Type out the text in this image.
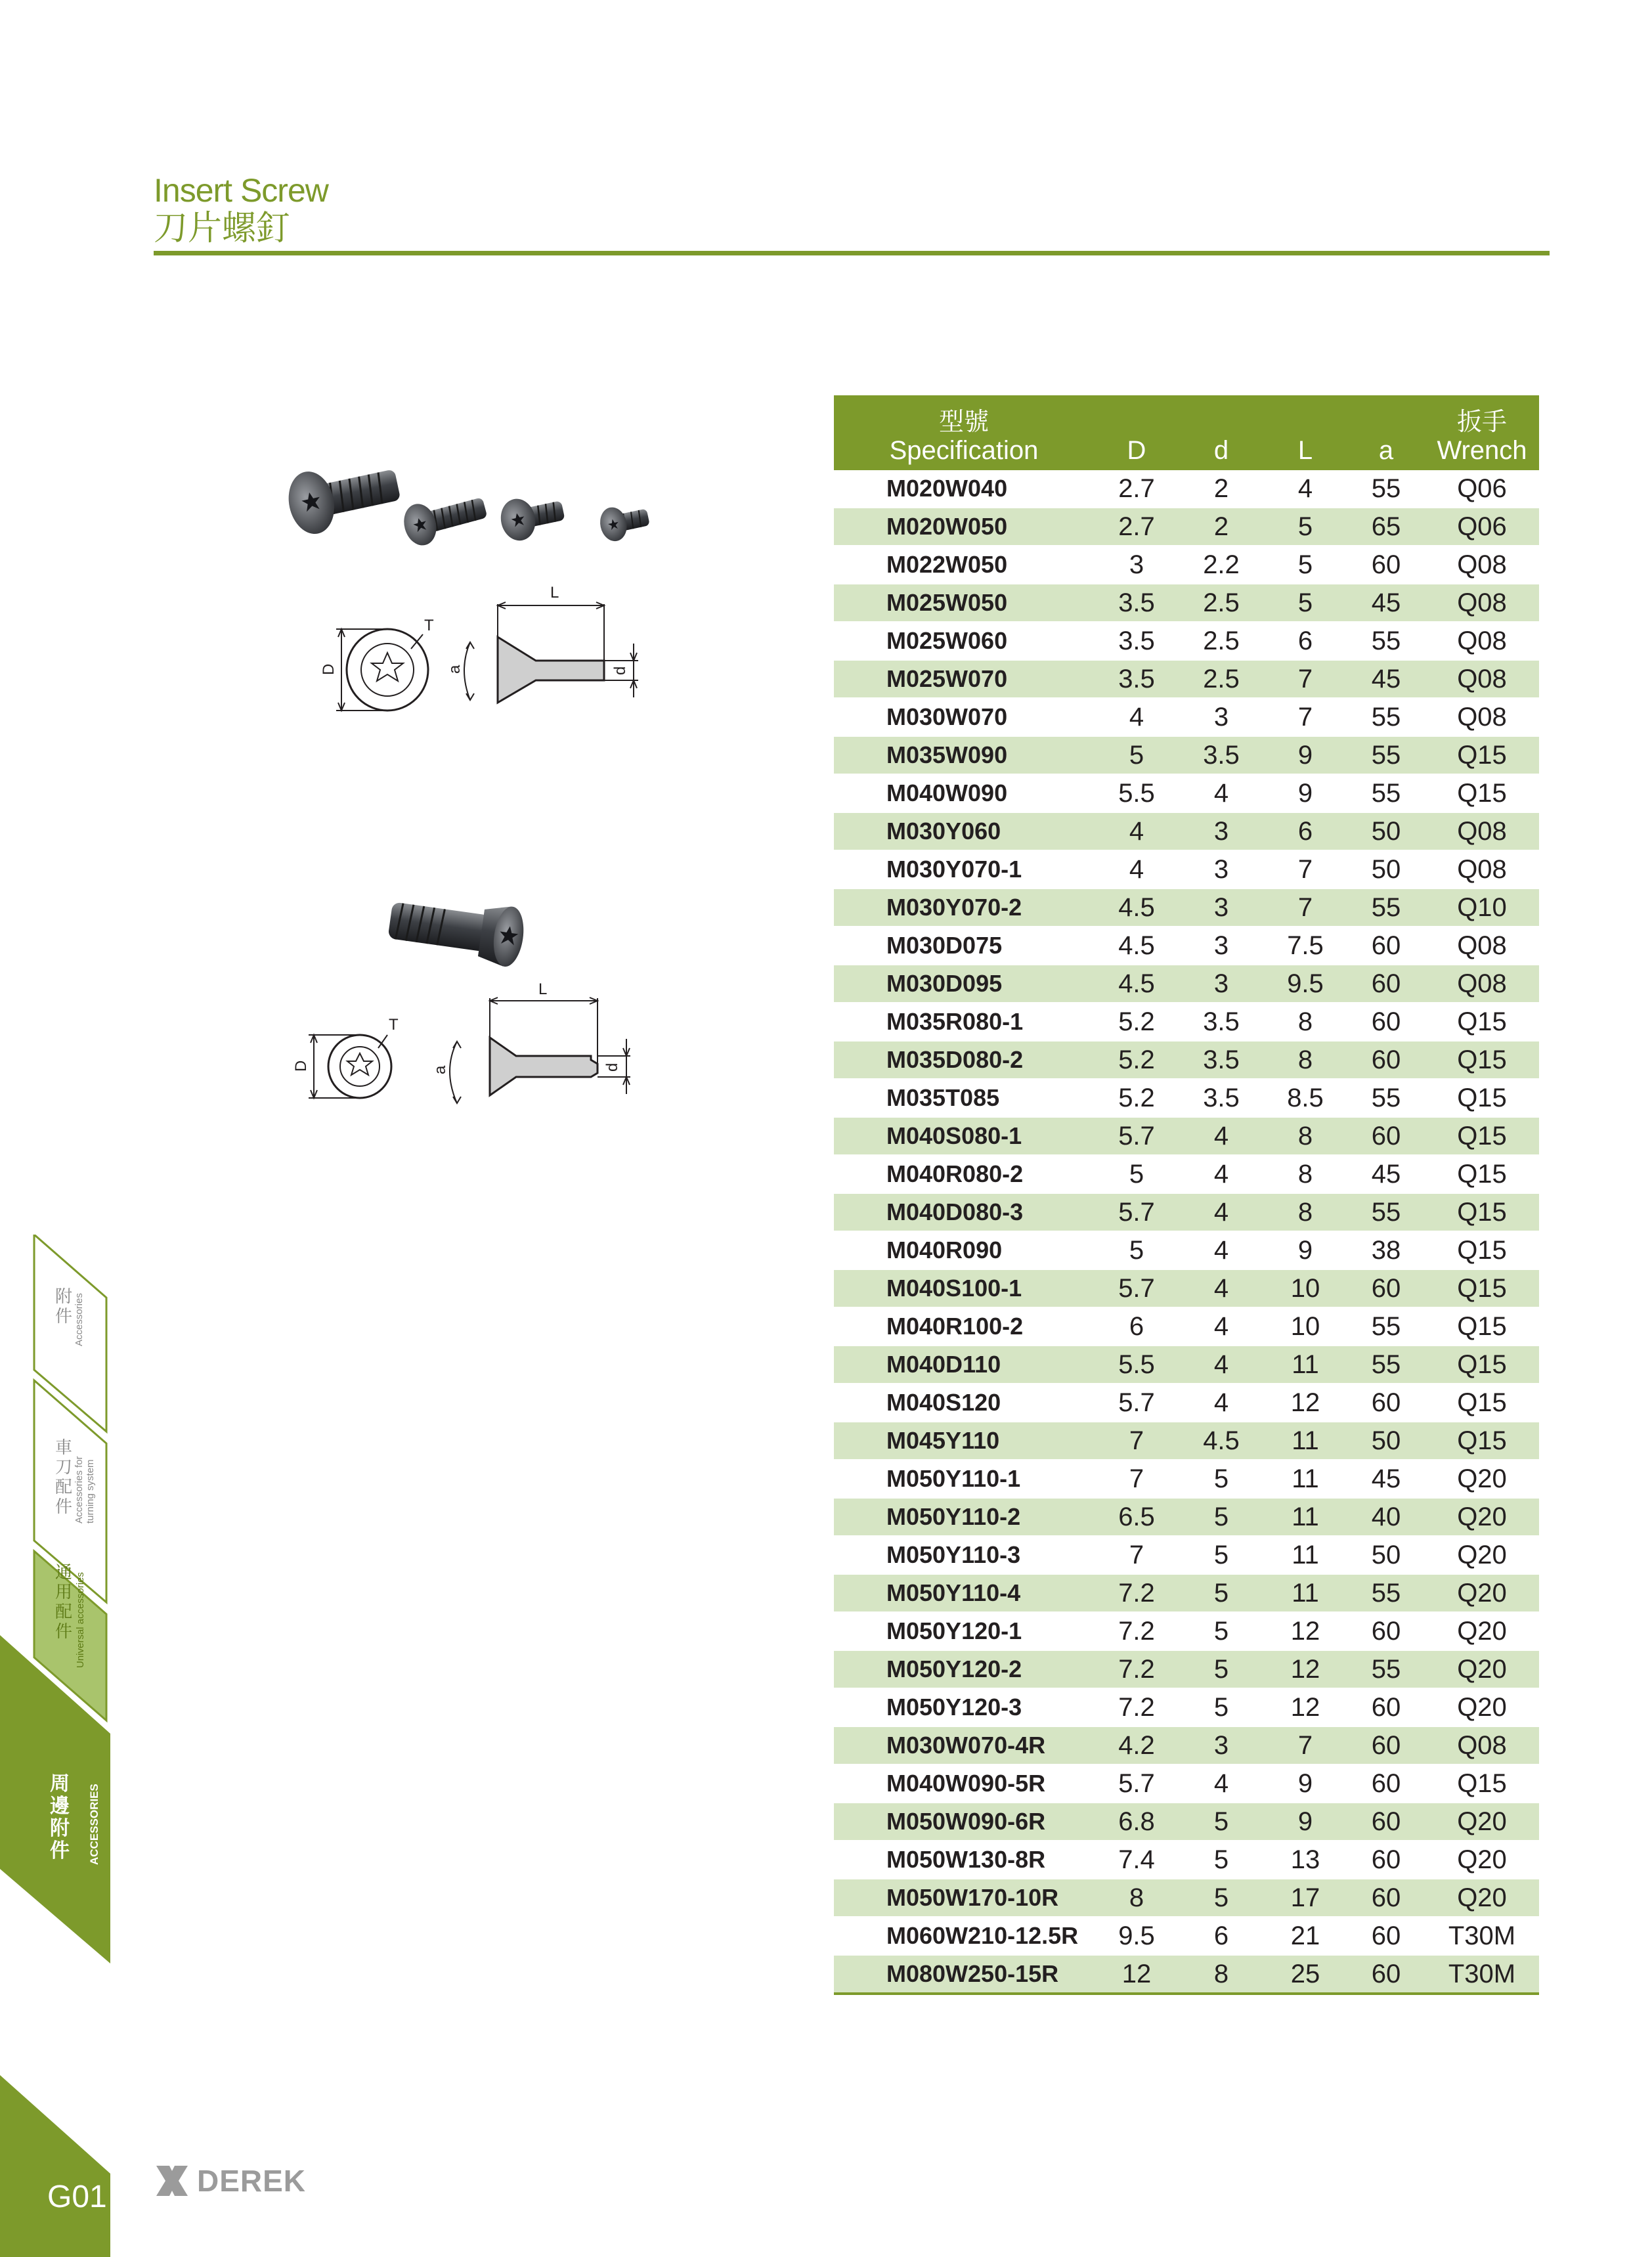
Insert Screw
刀片螺釘
L
T
D	a	d
L
T
D	a	d
型號
Specification	D	d	L	a	扳手
Wrench
M020W040	2.7	2	4	55	Q06
M020W050	2.7	2	5	65	Q06
M022W050	3	2.2	5	60	Q08
M025W050	3.5	2.5	5	45	Q08
M025W060	3.5	2.5	6	55	Q08
M025W070	3.5	2.5	7	45	Q08
M030W070	4	3	7	55	Q08
M035W090	5	3.5	9	55	Q15
M040W090	5.5	4	9	55	Q15
M030Y060	4	3	6	50	Q08
M030Y070-1	4	3	7	50	Q08
M030Y070-2	4.5	3	7	55	Q10
M030D075	4.5	3	7.5	60	Q08
M030D095	4.5	3	9.5	60	Q08
M035R080-1	5.2	3.5	8	60	Q15
M035D080-2	5.2	3.5	8	60	Q15
M035T085	5.2	3.5	8.5	55	Q15
M040S080-1	5.7	4	8	60	Q15
M040R080-2	5	4	8	45	Q15
M040D080-3	5.7	4	8	55	Q15
M040R090	5	4	9	38	Q15
M040S100-1	5.7	4	10	60	Q15
M040R100-2	6	4	10	55	Q15
M040D110	5.5	4	11	55	Q15
M040S120	5.7	4	12	60	Q15
M045Y110	7	4.5	11	50	Q15
M050Y110-1	7	5	11	45	Q20
M050Y110-2	6.5	5	11	40	Q20
M050Y110-3	7	5	11	50	Q20
M050Y110-4	7.2	5	11	55	Q20
M050Y120-1	7.2	5	12	60	Q20
M050Y120-2	7.2	5	12	55	Q20
M050Y120-3	7.2	5	12	60	Q20
M030W070-4R	4.2	3	7	60	Q08
M040W090-5R	5.7	4	9	60	Q15
M050W090-6R	6.8	5	9	60	Q20
M050W130-8R	7.4	5	13	60	Q20
M050W170-10R	8	5	17	60	Q20
M060W210-12.5R	9.5	6	21	60	T30M
M080W250-15R	12	8	25	60	T30M
附件 Accessories
車刀配件 Accessories for turning system
通用配件 Universal accessories
周邊附件	ACCESSORIES
G01	DEREK
